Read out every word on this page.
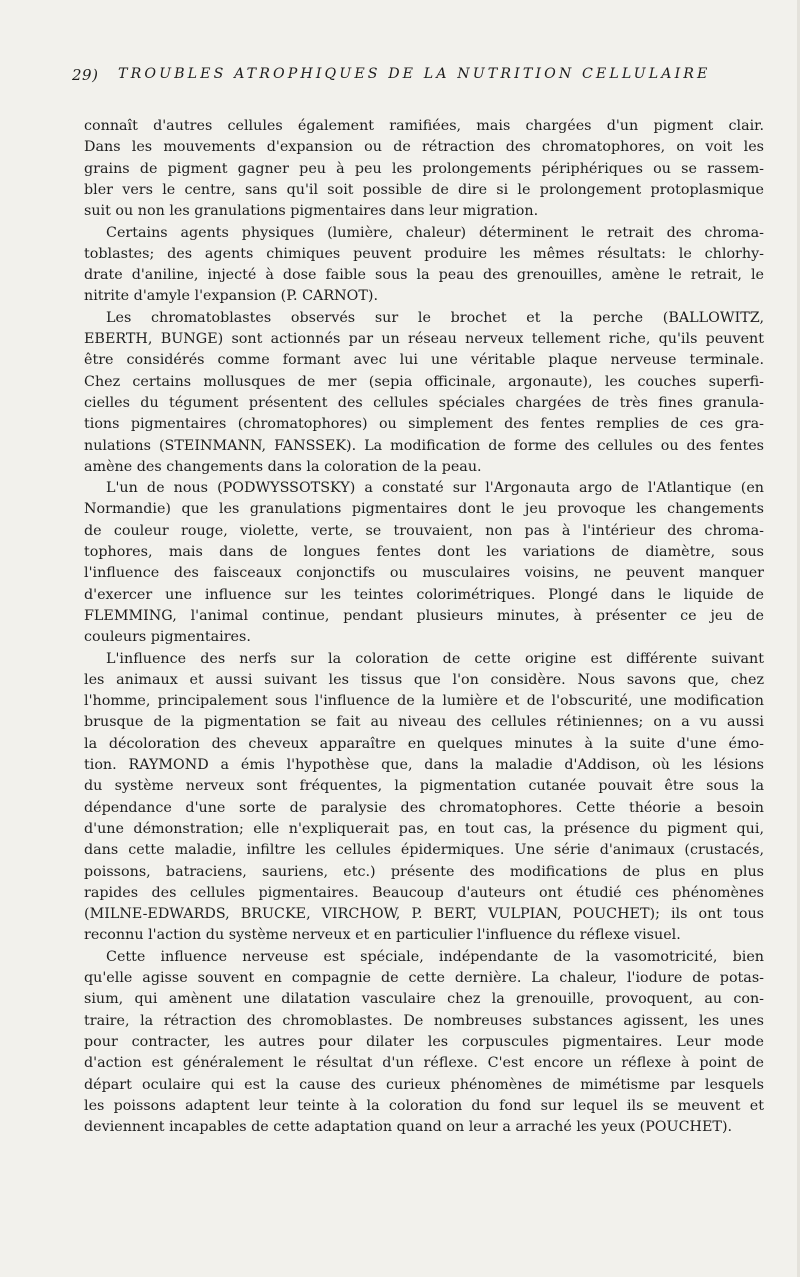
29) TROUBLES ATROPHIQUES DE LA NUTRITION CELLULAIRE
connaît d'autres cellules également ramifiées, mais chargées d'un pigment clair.
Dans les mouvements d'expansion ou de rétraction des chromatophores, on voit les
grains de pigment gagner peu à peu les prolongements périphériques ou se rassem-
bler vers le centre, sans qu'il soit possible de dire si le prolongement protoplasmique
suit ou non les granulations pigmentaires dans leur migration.
Certains agents physiques (lumière, chaleur) déterminent le retrait des chroma-
toblastes; des agents chimiques peuvent produire les mêmes résultats: le chlorhy-
drate d'aniline, injecté à dose faible sous la peau des grenouilles, amène le retrait, le
nitrite d'amyle l'expansion (P. CARNOT).
Les chromatoblastes observés sur le brochet et la perche (BALLOWITZ,
EBERTH, BUNGE) sont actionnés par un réseau nerveux tellement riche, qu'ils peuvent
être considérés comme formant avec lui une véritable plaque nerveuse terminale.
Chez certains mollusques de mer (sepia officinale, argonaute), les couches superfi-
cielles du tégument présentent des cellules spéciales chargées de très fines granula-
tions pigmentaires (chromatophores) ou simplement des fentes remplies de ces gra-
nulations (STEINMANN, FANSSEK). La modification de forme des cellules ou des fentes
amène des changements dans la coloration de la peau.
L'un de nous (PODWYSSOTSKY) a constaté sur l'Argonauta argo de l'Atlantique (en
Normandie) que les granulations pigmentaires dont le jeu provoque les changements
de couleur rouge, violette, verte, se trouvaient, non pas à l'intérieur des chroma-
tophores, mais dans de longues fentes dont les variations de diamètre, sous
l'influence des faisceaux conjonctifs ou musculaires voisins, ne peuvent manquer
d'exercer une influence sur les teintes colorimétriques. Plongé dans le liquide de
FLEMMING, l'animal continue, pendant plusieurs minutes, à présenter ce jeu de
couleurs pigmentaires.
L'influence des nerfs sur la coloration de cette origine est différente suivant
les animaux et aussi suivant les tissus que l'on considère. Nous savons que, chez
l'homme, principalement sous l'influence de la lumière et de l'obscurité, une modification
brusque de la pigmentation se fait au niveau des cellules rétiniennes; on a vu aussi
la décoloration des cheveux apparaître en quelques minutes à la suite d'une émo-
tion. RAYMOND a émis l'hypothèse que, dans la maladie d'Addison, où les lésions
du système nerveux sont fréquentes, la pigmentation cutanée pouvait être sous la
dépendance d'une sorte de paralysie des chromatophores. Cette théorie a besoin
d'une démonstration; elle n'expliquerait pas, en tout cas, la présence du pigment qui,
dans cette maladie, infiltre les cellules épidermiques. Une série d'animaux (crustacés,
poissons, batraciens, sauriens, etc.) présente des modifications de plus en plus
rapides des cellules pigmentaires. Beaucoup d'auteurs ont étudié ces phénomènes
(MILNE-EDWARDS, BRUCKE, VIRCHOW, P. BERT, VULPIAN, POUCHET); ils ont tous
reconnu l'action du système nerveux et en particulier l'influence du réflexe visuel.
Cette influence nerveuse est spéciale, indépendante de la vasomotricité, bien
qu'elle agisse souvent en compagnie de cette dernière. La chaleur, l'iodure de potas-
sium, qui amènent une dilatation vasculaire chez la grenouille, provoquent, au con-
traire, la rétraction des chromoblastes. De nombreuses substances agissent, les unes
pour contracter, les autres pour dilater les corpuscules pigmentaires. Leur mode
d'action est généralement le résultat d'un réflexe. C'est encore un réflexe à point de
départ oculaire qui est la cause des curieux phénomènes de mimétisme par lesquels
les poissons adaptent leur teinte à la coloration du fond sur lequel ils se meuvent et
deviennent incapables de cette adaptation quand on leur a arraché les yeux (POUCHET).
